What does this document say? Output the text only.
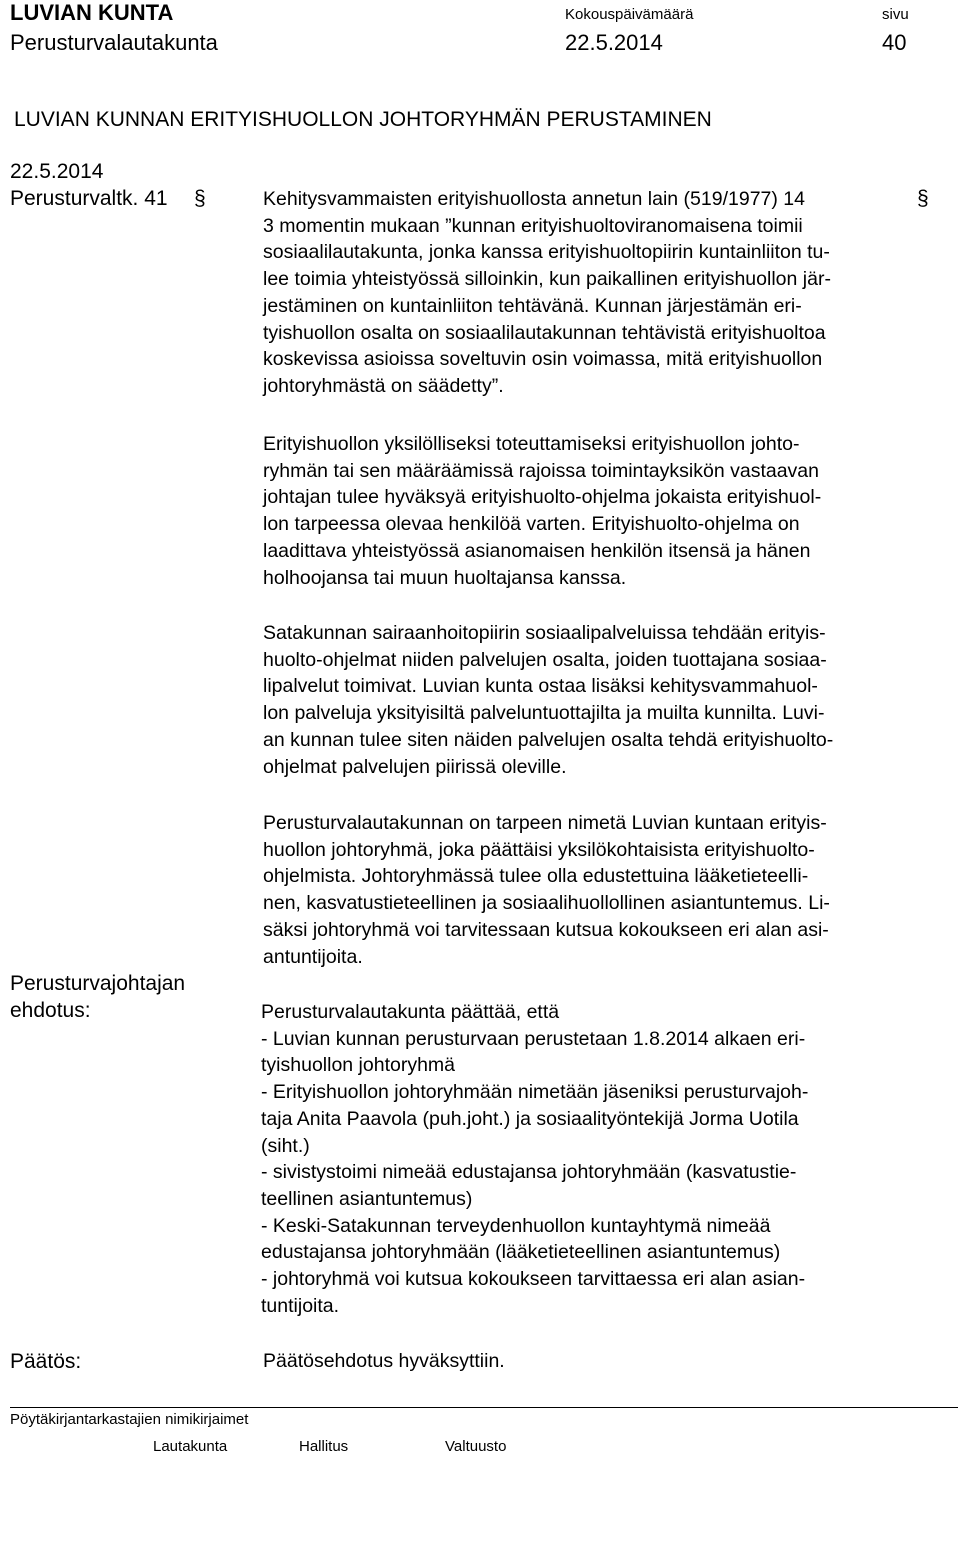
LUVIAN KUNTA
Perusturvalautakunta
Kokouspäivämäärä
22.5.2014
sivu
40
LUVIAN KUNNAN ERITYISHUOLLON JOHTORYHMÄN PERUSTAMINEN
22.5.2014
Perusturvaltk. 41 §	§
Kehitysvammaisten erityishuollosta annetun lain (519/1977) 14
3 momentin mukaan ”kunnan erityishuoltoviranomaisena toimii
sosiaalilautakunta, jonka kanssa erityishuoltopiirin kuntainliiton tu-
lee toimia yhteistyössä silloinkin, kun paikallinen erityishuollon jär-
jestäminen on kuntainliiton tehtävänä. Kunnan järjestämän eri-
tyishuollon osalta on sosiaalilautakunnan tehtävistä erityishuoltoa
koskevissa asioissa soveltuvin osin voimassa, mitä erityishuollon
johtoryhmästä on säädetty”.
Erityishuollon yksilölliseksi toteuttamiseksi erityishuollon johto-
ryhmän tai sen määräämissä rajoissa toimintayksikön vastaavan
johtajan tulee hyväksyä erityishuolto-ohjelma jokaista erityishuol-
lon tarpeessa olevaa henkilöä varten. Erityishuolto-ohjelma on
laadittava yhteistyössä asianomaisen henkilön itsensä ja hänen
holhoojansa tai muun huoltajansa kanssa.
Satakunnan sairaanhoitopiirin sosiaalipalveluissa tehdään erityis-
huolto-ohjelmat niiden palvelujen osalta, joiden tuottajana sosiaa-
lipalvelut toimivat. Luvian kunta ostaa lisäksi kehitysvammahuol-
lon palveluja yksityisiltä palveluntuottajilta ja muilta kunnilta. Luvi-
an kunnan tulee siten näiden palvelujen osalta tehdä erityishuolto-
ohjelmat palvelujen piirissä oleville.
Perusturvalautakunnan on tarpeen nimetä Luvian kuntaan erityis-
huollon johtoryhmä, joka päättäisi yksilökohtaisista erityishuolto-
ohjelmista. Johtoryhmässä tulee olla edustettuina lääketieteelli-
nen, kasvatustieteellinen ja sosiaalihuollollinen asiantuntemus. Li-
säksi johtoryhmä voi tarvitessaan kutsua kokoukseen eri alan asi-
antuntijoita.
Perusturvajohtajan
ehdotus:	Perusturvalautakunta päättää, että
- Luvian kunnan perusturvaan perustetaan 1.8.2014 alkaen eri-
tyishuollon johtoryhmä
- Erityishuollon johtoryhmään nimetään jäseniksi perusturvajoh-
taja Anita Paavola (puh.joht.) ja sosiaalityöntekijä Jorma Uotila
(siht.)
- sivistystoimi nimeää edustajansa johtoryhmään (kasvatustie-
teellinen asiantuntemus)
- Keski-Satakunnan terveydenhuollon kuntayhtymä nimeää
edustajansa johtoryhmään (lääketieteellinen asiantuntemus)
- johtoryhmä voi kutsua kokoukseen tarvittaessa eri alan asian-
tuntijoita.
Päätös:	Päätösehdotus hyväksyttiin.
Pöytäkirjantarkastajien nimikirjaimet
Lautakunta	Hallitus	Valtuusto
